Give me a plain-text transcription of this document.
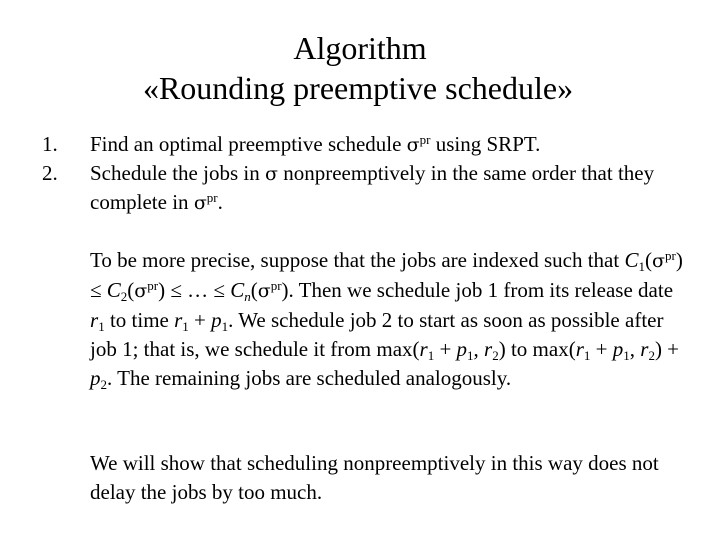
Algorithm
«Rounding preemptive schedule»
1.	Find an optimal preemptive schedule $\sigma^{pr}$ using SRPT.
2.	Schedule the jobs in σ nonpreemptively in the same order that they complete in $\sigma^{pr}$.
To be more precise, suppose that the jobs are indexed such that $C_1(\sigma^{pr}) \le C_2(\sigma^{pr})$ ≤ … ≤ $C_n(\sigma^{pr})$. Then we schedule job 1 from its release date $r_1$ to time $r_1 + p_1$. We schedule job 2 to start as soon as possible after job 1; that is, we schedule it from $\max(r_1 + p_1$, $r_2$) to $\max(r_1 + p_1$, $r_2) + p_2$. The remaining jobs are scheduled analogously.
We will show that scheduling nonpreemptively in this way does not delay the jobs by too much.
